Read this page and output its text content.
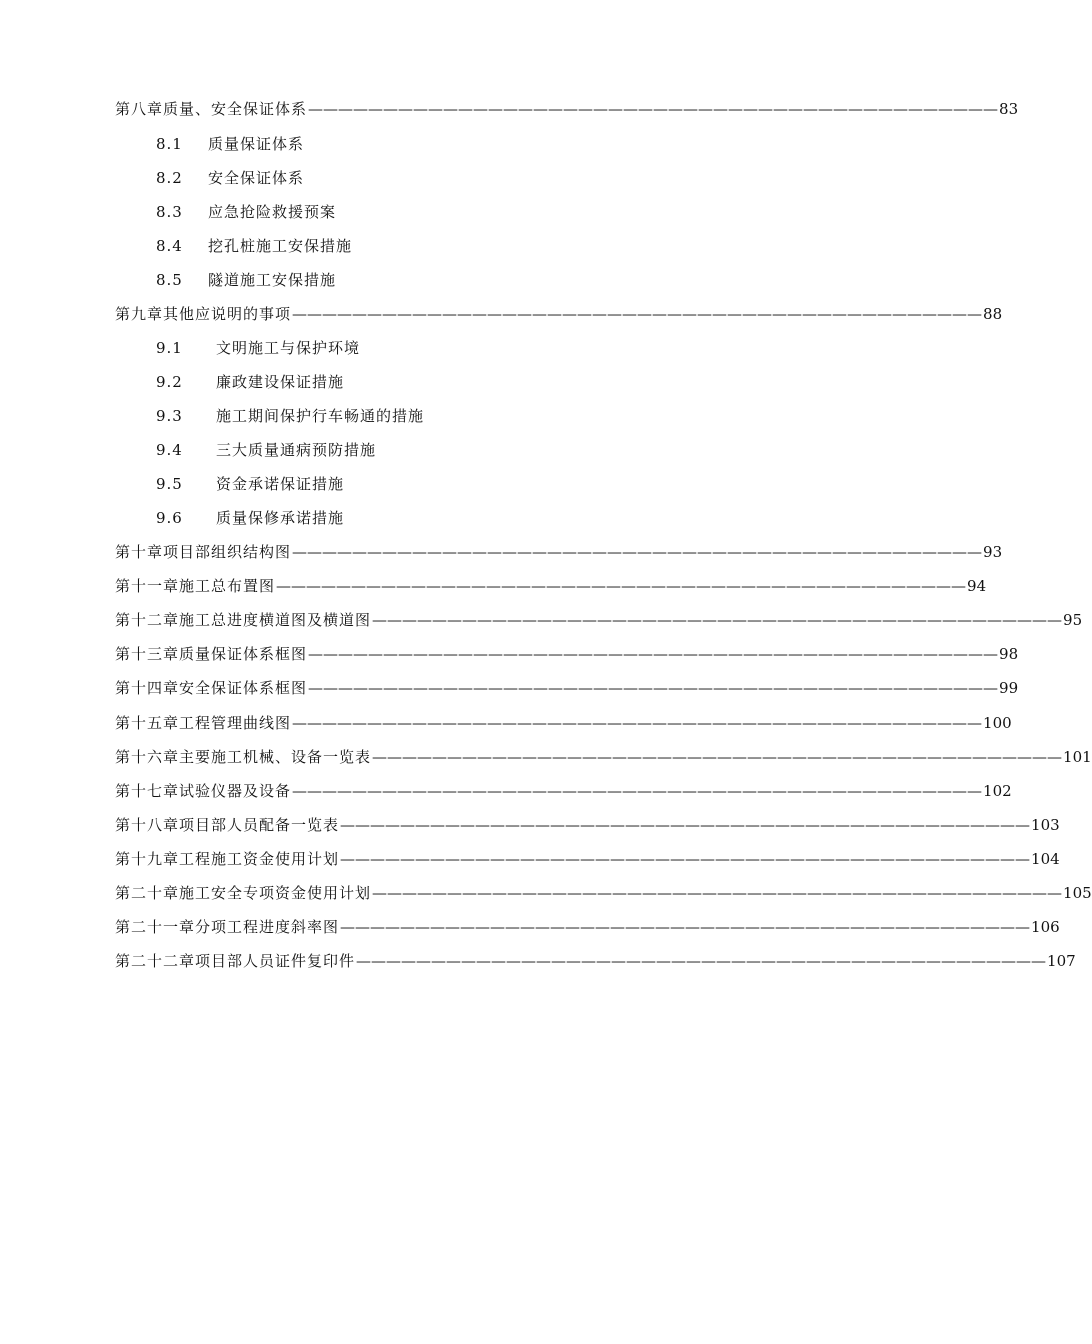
第八章 质量、安全保证体系 —————————————————————————————————————————————— 83
8.1 质量保证体系
8.2 安全保证体系
8.3 应急抢险救援预案
8.4 挖孔桩施工安保措施
8.5 隧道施工安保措施
第九章 其他应说明的事项 —————————————————————————————————————————————— 88
9.1 文明施工与保护环境
9.2 廉政建设保证措施
9.3 施工期间保护行车畅通的措施
9.4 三大质量通病预防措施
9.5 资金承诺保证措施
9.6 质量保修承诺措施
第十章 项目部组织结构图 —————————————————————————————————————————————— 93
第十一章 施工总布置图 —————————————————————————————————————————————— 94
第十二章 施工总进度横道图及横道图 —————————————————————————————————————————————— 95
第十三章 质量保证体系框图 —————————————————————————————————————————————— 98
第十四章 安全保证体系框图 —————————————————————————————————————————————— 99
第十五章 工程管理曲线图 —————————————————————————————————————————————— 100
第十六章 主要施工机械、设备一览表 —————————————————————————————————————————————— 101
第十七章 试验仪器及设备 —————————————————————————————————————————————— 102
第十八章 项目部人员配备一览表 —————————————————————————————————————————————— 103
第十九章 工程施工资金使用计划 —————————————————————————————————————————————— 104
第二十章 施工安全专项资金使用计划 —————————————————————————————————————————————— 105
第二十一章 分项工程进度斜率图 —————————————————————————————————————————————— 106
第二十二章 项目部人员证件复印件 —————————————————————————————————————————————— 107
